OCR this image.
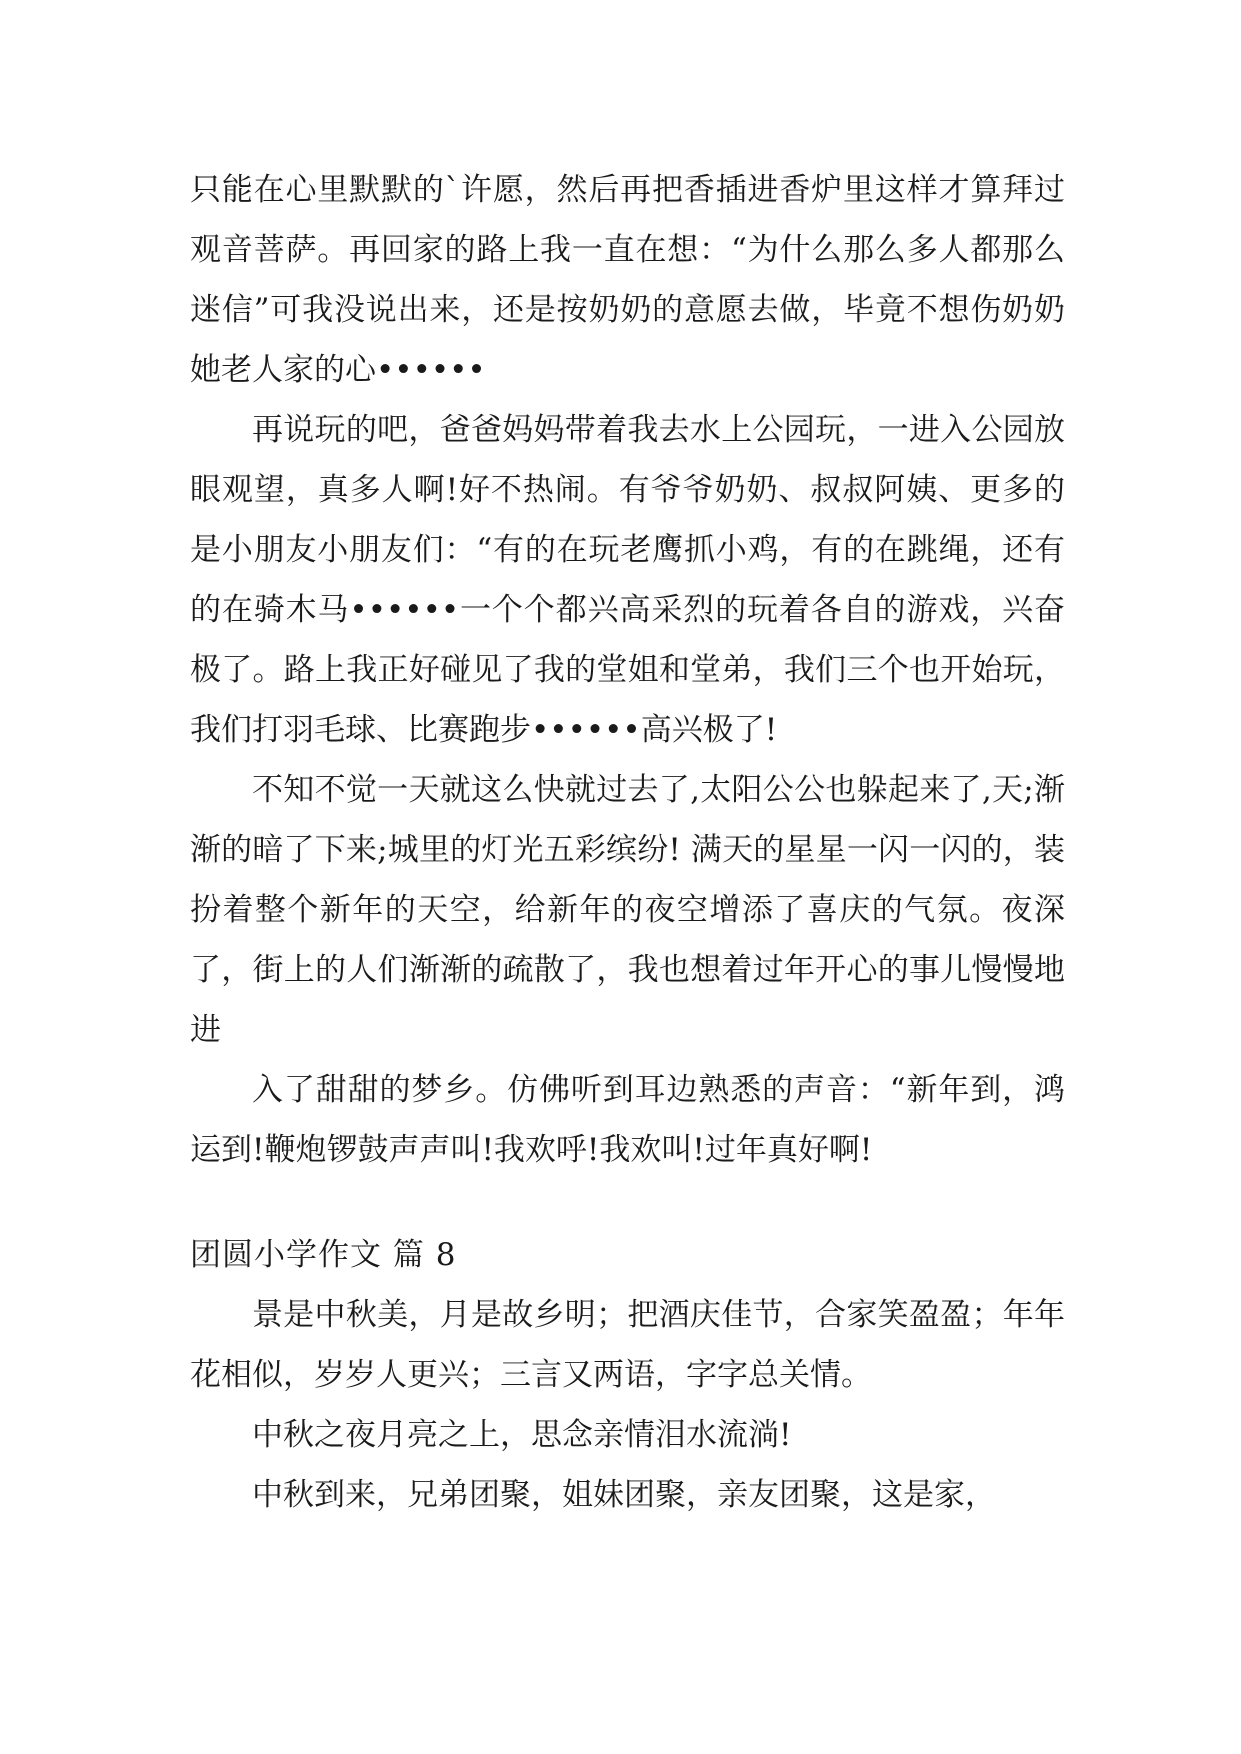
只能在心里默默的`许愿，然后再把香插进香炉里这样才算拜过观音菩萨。再回家的路上我一直在想：“为什么那么多人都那么迷信”可我没说出来，还是按奶奶的意愿去做，毕竟不想伤奶奶她老人家的心••••••

再说玩的吧，爸爸妈妈带着我去水上公园玩，一进入公园放眼观望，真多人啊!好不热闹。有爷爷奶奶、叔叔阿姨、更多的是小朋友小朋友们：“有的在玩老鹰抓小鸡，有的在跳绳，还有的在骑木马••••••一个个都兴高采烈的玩着各自的游戏，兴奋极了。路上我正好碰见了我的堂姐和堂弟，我们三个也开始玩，我们打羽毛球、比赛跑步••••••高兴极了!

不知不觉一天就这么快就过去了,太阳公公也躲起来了,天;渐渐的暗了下来;城里的灯光五彩缤纷! 满天的星星一闪一闪的，装扮着整个新年的天空，给新年的夜空增添了喜庆的气氛。夜深了，街上的人们渐渐的疏散了，我也想着过年开心的事儿慢慢地进

入了甜甜的梦乡。仿佛听到耳边熟悉的声音：“新年到，鸿运到!鞭炮锣鼓声声叫!我欢呼!我欢叫!过年真好啊!

团圆小学作文 篇 8

景是中秋美，月是故乡明；把酒庆佳节，合家笑盈盈；年年花相似，岁岁人更兴；三言又两语，字字总关情。

中秋之夜月亮之上，思念亲情泪水流淌!

中秋到来，兄弟团聚，姐妹团聚，亲友团聚，这是家，
